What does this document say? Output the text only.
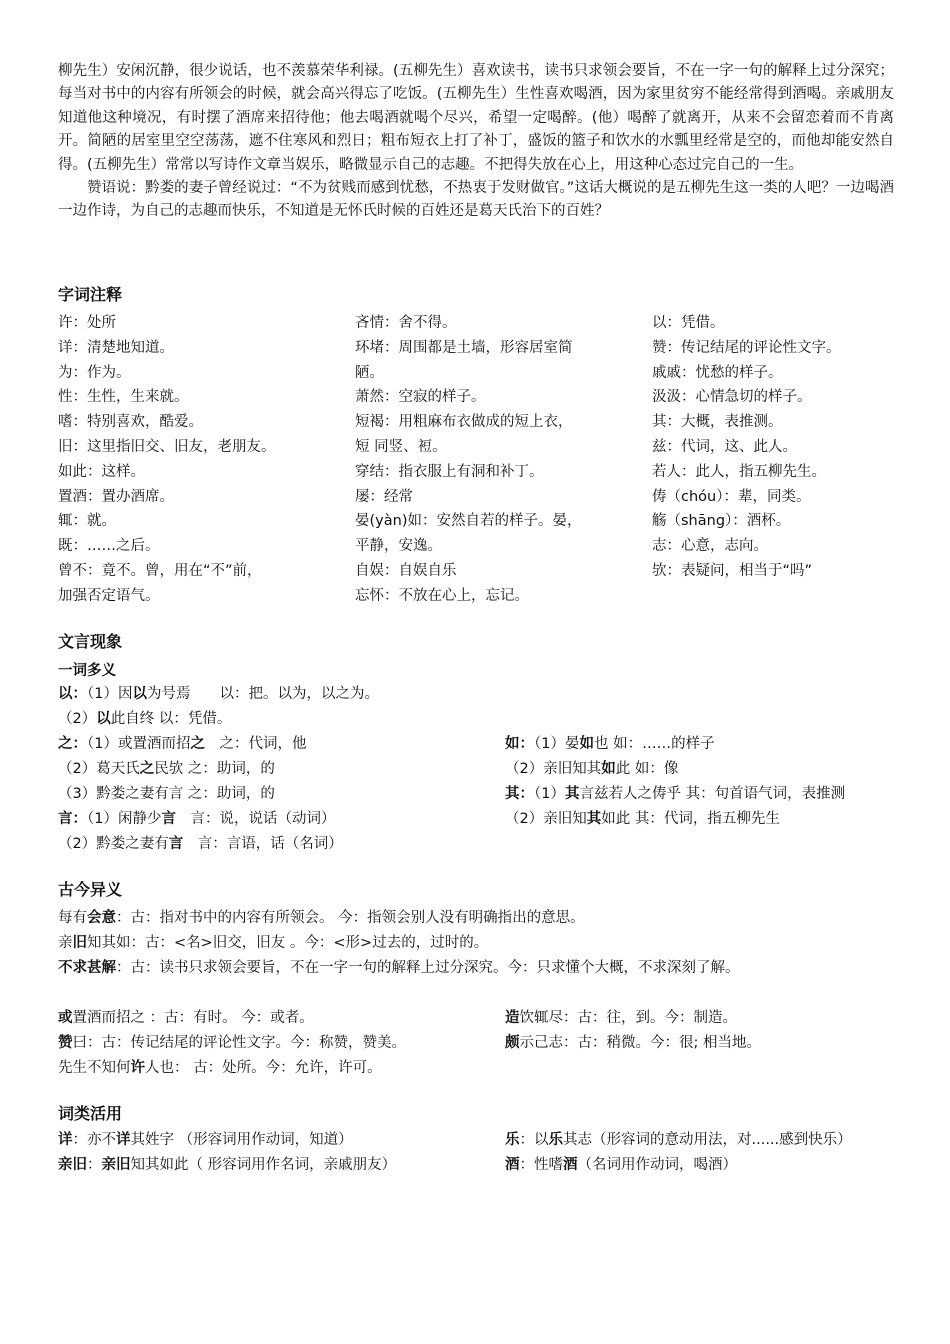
柳先生）安闲沉静，很少说话，也不羡慕荣华利禄。(五柳先生）喜欢读书，读书只求领会要旨，不在一字一句的解释上过分深究；每当对书中的内容有所领会的时候，就会高兴得忘了吃饭。(五柳先生）生性喜欢喝酒，因为家里贫穷不能经常得到酒喝。亲戚朋友知道他这种境况，有时摆了酒席来招待他；他去喝酒就喝个尽兴，希望一定喝醉。(他）喝醉了就离开，从来不会留恋着而不肯离开。简陋的居室里空空荡荡，遮不住寒风和烈日；粗布短衣上打了补丁，盛饭的篮子和饮水的水瓢里经常是空的，而他却能安然自得。(五柳先生）常常以写诗作文章当娱乐，略微显示自己的志趣。不把得失放在心上，用这种心态过完自己的一生。

赞语说：黔娄的妻子曾经说过：“不为贫贱而感到忧愁，不热衷于发财做官。”这话大概说的是五柳先生这一类的人吧？一边喝酒一边作诗，为自己的志趣而快乐，不知道是无怀氏时候的百姓还是葛天氏治下的百姓？

字词注释
许：处所
详：清楚地知道。
为：作为。
性：生性，生来就。
嗜：特别喜欢，酷爱。
旧：这里指旧交、旧友，老朋友。
如此：这样。
置酒：置办酒席。
辄：就。
既：……之后。
曾不：竟不。曾，用在“不”前，
加强否定语气。
吝情：舍不得。
环堵：周围都是土墙，形容居室简
陋。
萧然：空寂的样子。
短褐：用粗麻布衣做成的短上衣，
短 同竖、裋。
穿结：指衣服上有洞和补丁。
屡：经常
晏(yàn)如：安然自若的样子。晏，
平静，安逸。
自娱：自娱自乐
忘怀：不放在心上，忘记。
以：凭借。
赞：传记结尾的评论性文字。
戚戚：忧愁的样子。
汲汲：心情急切的样子。
其：大概，表推测。
兹：代词，这、此人。
若人：此人，指五柳先生。
俦（chóu）：辈，同类。
觞（shāng）：酒杯。
志：心意，志向。
欤：表疑问，相当于“吗”
文言现象
一词多义
以：（1）因以为号焉　　以：把。以为，以之为。
（2）以此自终 以：凭借。
之：（1）或置酒而招之　之：代词，他
（2）葛天氏之民欤 之：助词，的
（3）黔娄之妻有言 之：助词，的
言：（1）闲静少言　言：说，说话（动词）
（2）黔娄之妻有言　言：言语，话（名词）
如：（1）晏如也 如：……的样子
（2）亲旧知其如此 如：像
其：（1）其言兹若人之俦乎 其：句首语气词，表推测
（2）亲旧知其如此 其：代词，指五柳先生
古今异义
每有会意：古：指对书中的内容有所领会。 今：指领会别人没有明确指出的意思。
亲旧知其如：古：<名>旧交，旧友 。今：<形>过去的，过时的。
不求甚解：古：读书只求领会要旨，不在一字一句的解释上过分深究。今：只求懂个大概，不求深刻了解。
或置酒而招之 ：古：有时。 今：或者。
赞曰：古：传记结尾的评论性文字。今：称赞，赞美。
先生不知何许人也： 古：处所。今：允许，许可。
造饮辄尽：古：往，到。今：制造。
颇示己志：古：稍微。今：很; 相当地。
词类活用
详：亦不详其姓字 （形容词用作动词，知道）
亲旧：亲旧知其如此（ 形容词用作名词，亲戚朋友）
乐：以乐其志（形容词的意动用法，对......感到快乐）
酒：性嗜酒（名词用作动词，喝酒）
